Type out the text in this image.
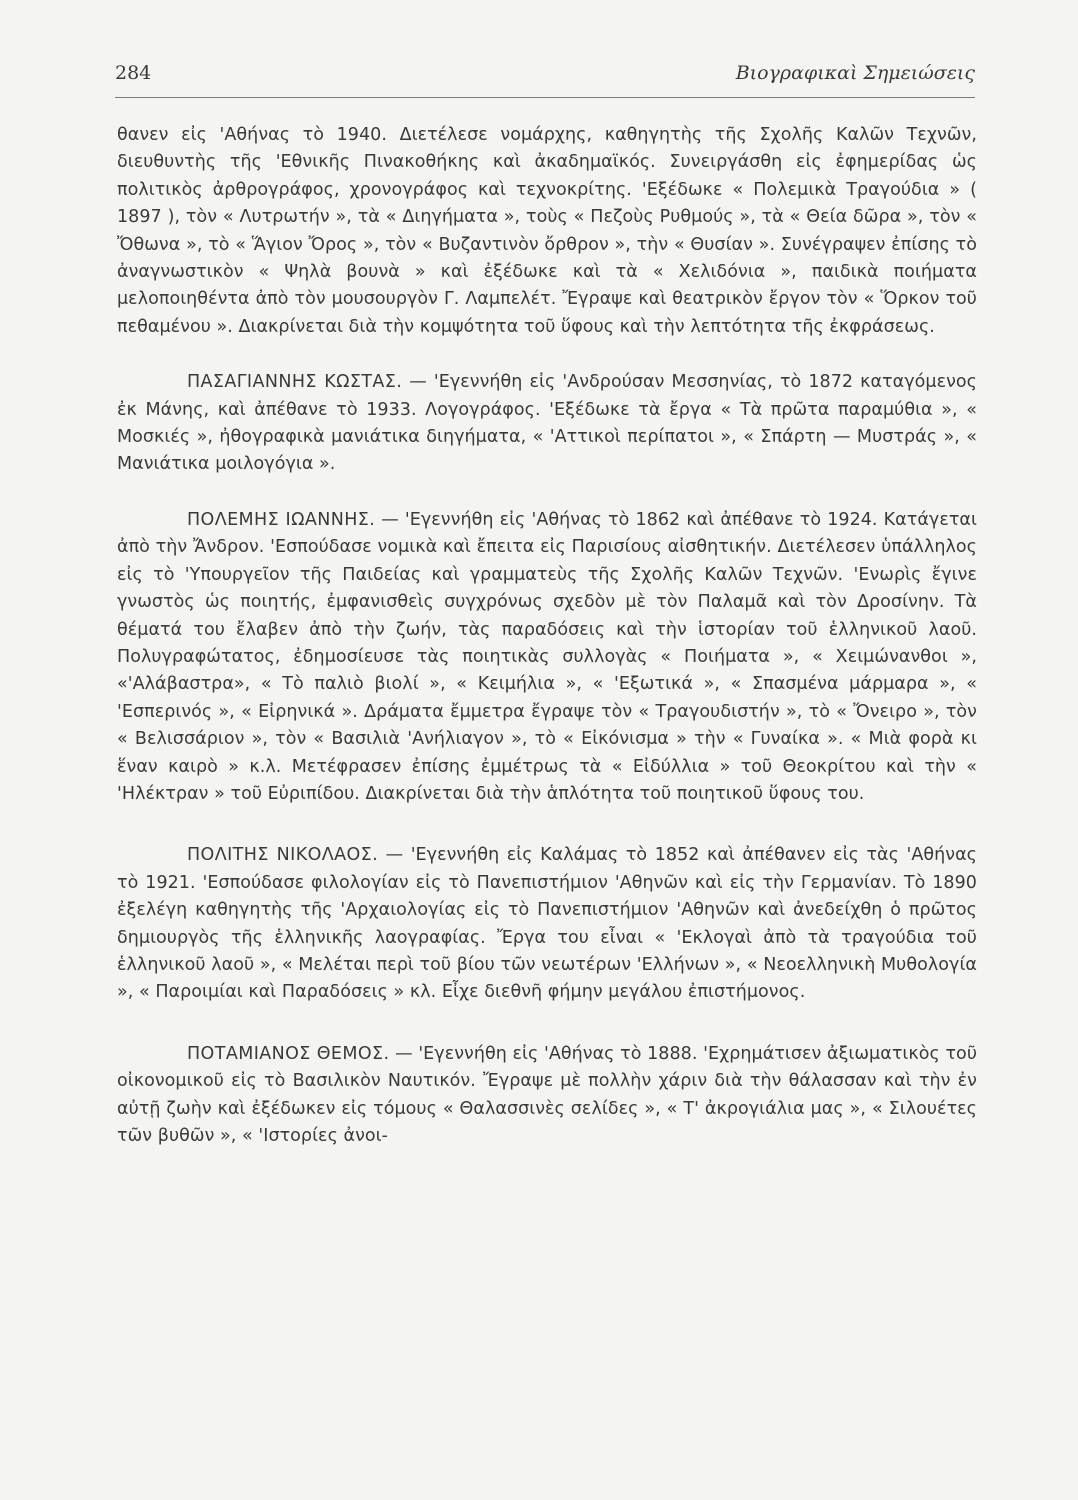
284	Βιογραφικαὶ Σημειώσεις

θανεν εἰς 'Αθήνας τὸ 1940. Διετέλεσε νομάρχης, καθηγητὴς τῆς Σχολῆς Καλῶν Τεχνῶν, διευθυντὴς τῆς 'Εθνικῆς Πινακοθήκης καὶ ἀκαδημαϊκός. Συνειργάσθη εἰς ἐφημερίδας ὡς πολιτικὸς ἀρθρογράφος, χρονογράφος καὶ τεχνοκρίτης. 'Εξέδωκε « Πολεμικὰ Τραγούδια » ( 1897 ), τὸν « Λυτρωτήν », τὰ « Διηγήματα », τοὺς « Πεζοὺς Ρυθμούς », τὰ « Θεία δῶρα », τὸν « Ὄθωνα », τὸ « Ἅγιον Ὄρος », τὸν « Βυζαντινὸν ὄρθρον », τὴν « Θυσίαν ». Συνέγραψεν ἐπίσης τὸ ἀναγνωστικὸν « Ψηλὰ βουνὰ » καὶ ἐξέδωκε καὶ τὰ « Χελιδόνια », παιδικὰ ποιήματα μελοποιηθέντα ἀπὸ τὸν μουσουργὸν Γ. Λαμπελέτ. Ἔγραψε καὶ θεατρικὸν ἔργον τὸν « Ὅρκον τοῦ πεθαμένου ». Διακρίνεται διὰ τὴν κομψότητα τοῦ ὕφους καὶ τὴν λεπτότητα τῆς ἐκφράσεως.

ΠΑΣΑΓΙΑΝΝΗΣ ΚΩΣΤΑΣ. — 'Εγεννήθη εἰς 'Ανδρούσαν Μεσσηνίας, τὸ 1872 καταγόμενος ἐκ Μάνης, καὶ ἀπέθανε τὸ 1933. Λογογράφος. 'Εξέδωκε τὰ ἔργα « Τὰ πρῶτα παραμύθια », « Μοσκιές », ἠθογραφικὰ μανιάτικα διηγήματα, « 'Αττικοὶ περίπατοι », « Σπάρτη — Μυστράς », « Μανιάτικα μοιλογόγια ».

ΠΟΛΕΜΗΣ ΙΩΑΝΝΗΣ. — 'Εγεννήθη εἰς 'Αθήνας τὸ 1862 καὶ ἀπέθανε τὸ 1924. Κατάγεται ἀπὸ τὴν Ἄνδρον. 'Εσπούδασε νομικὰ καὶ ἔπειτα εἰς Παρισίους αἰσθητικήν. Διετέλεσεν ὑπάλληλος εἰς τὸ 'Υπουργεῖον τῆς Παιδείας καὶ γραμματεὺς τῆς Σχολῆς Καλῶν Τεχνῶν. 'Ενωρὶς ἔγινε γνωστὸς ὡς ποιητής, ἐμφανισθεὶς συγχρόνως σχεδὸν μὲ τὸν Παλαμᾶ καὶ τὸν Δροσίνην. Τὰ θέματά του ἔλαβεν ἀπὸ τὴν ζωήν, τὰς παραδόσεις καὶ τὴν ἱστορίαν τοῦ ἑλληνικοῦ λαοῦ. Πολυγραφώτατος, ἐδημοσίευσε τὰς ποιητικὰς συλλογὰς « Ποιήματα », « Χειμώνανθοι », «'Αλάβαστρα», « Τὸ παλιὸ βιολί », « Κειμήλια », « 'Εξωτικά », « Σπασμένα μάρμαρα », « 'Εσπερινός », « Εἰρηνικά ». Δράματα ἔμμετρα ἔγραψε τὸν « Τραγουδιστήν », τὸ « Ὄνειρο », τὸν « Βελισσάριον », τὸν « Βασιλιὰ 'Ανήλιαγον », τὸ « Εἰκόνισμα » τὴν « Γυναίκα ». « Μιὰ φορὰ κι ἕναν καιρὸ » κ.λ. Μετέφρασεν ἐπίσης ἐμμέτρως τὰ « Εἰδύλλια » τοῦ Θεοκρίτου καὶ τὴν « 'Ηλέκτραν » τοῦ Εὐριπίδου. Διακρίνεται διὰ τὴν ἁπλότητα τοῦ ποιητικοῦ ὕφους του.

ΠΟΛΙΤΗΣ ΝΙΚΟΛΑΟΣ. — 'Εγεννήθη εἰς Καλάμας τὸ 1852 καὶ ἀπέθανεν εἰς τὰς 'Αθήνας τὸ 1921. 'Εσπούδασε φιλολογίαν εἰς τὸ Πανεπιστήμιον 'Αθηνῶν καὶ εἰς τὴν Γερμανίαν. Τὸ 1890 ἐξελέγη καθηγητὴς τῆς 'Αρχαιολογίας εἰς τὸ Πανεπιστήμιον 'Αθηνῶν καὶ ἀνεδείχθη ὁ πρῶτος δημιουργὸς τῆς ἑλληνικῆς λαογραφίας. Ἔργα του εἶναι « 'Εκλογαὶ ἀπὸ τὰ τραγούδια τοῦ ἑλληνικοῦ λαοῦ », « Μελέται περὶ τοῦ βίου τῶν νεωτέρων 'Ελλήνων », « Νεοελληνικὴ Μυθολογία », « Παροιμίαι καὶ Παραδόσεις » κλ. Εἶχε διεθνῆ φήμην μεγάλου ἐπιστήμονος.

ΠΟΤΑΜΙΑΝΟΣ ΘΕΜΟΣ. — 'Εγεννήθη εἰς 'Αθήνας τὸ 1888. 'Εχρημάτισεν ἀξιωματικὸς τοῦ οἰκονομικοῦ εἰς τὸ Βασιλικὸν Ναυτικόν. Ἔγραψε μὲ πολλὴν χάριν διὰ τὴν θάλασσαν καὶ τὴν ἐν αὐτῇ ζωὴν καὶ ἐξέδωκεν εἰς τόμους « Θαλασσινὲς σελίδες », « Τ' ἀκρογιάλια μας », « Σιλουέτες τῶν βυθῶν », « 'Ιστορίες ἀνοι-
